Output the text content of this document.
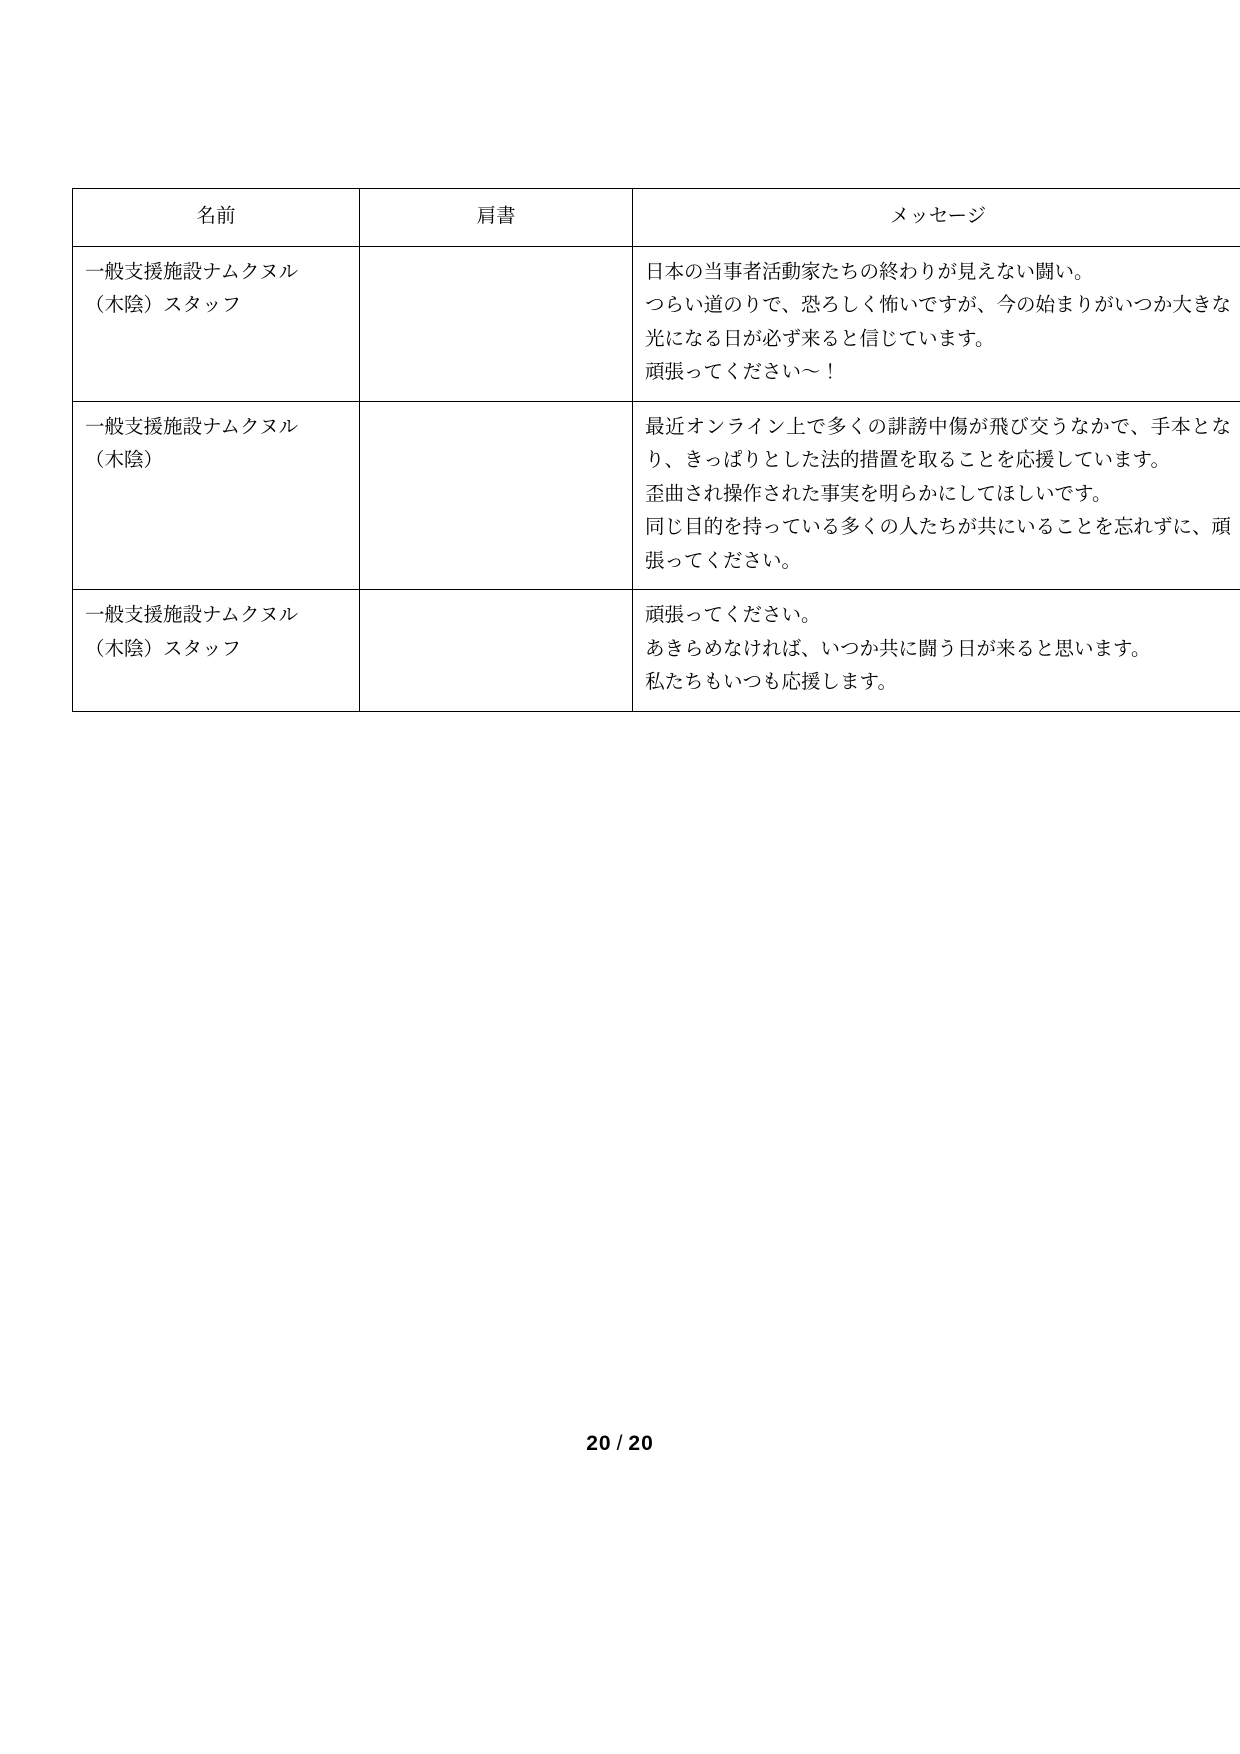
名前	肩書	メッセージ

一般支援施設ナムクヌル
（木陰）スタッフ		日本の当事者活動家たちの終わりが見えない闘い。
つらい道のりで、恐ろしく怖いですが、今の始まりがいつか大きな光になる日が必ず来ると信じています。
頑張ってください〜！

一般支援施設ナムクヌル
（木陰）		最近オンライン上で多くの誹謗中傷が飛び交うなかで、手本となり、きっぱりとした法的措置を取ることを応援しています。
歪曲され操作された事実を明らかにしてほしいです。
同じ目的を持っている多くの人たちが共にいることを忘れずに、頑張ってください。

一般支援施設ナムクヌル
（木陰）スタッフ		頑張ってください。
あきらめなければ、いつか共に闘う日が来ると思います。
私たちもいつも応援します。
20 / 20
